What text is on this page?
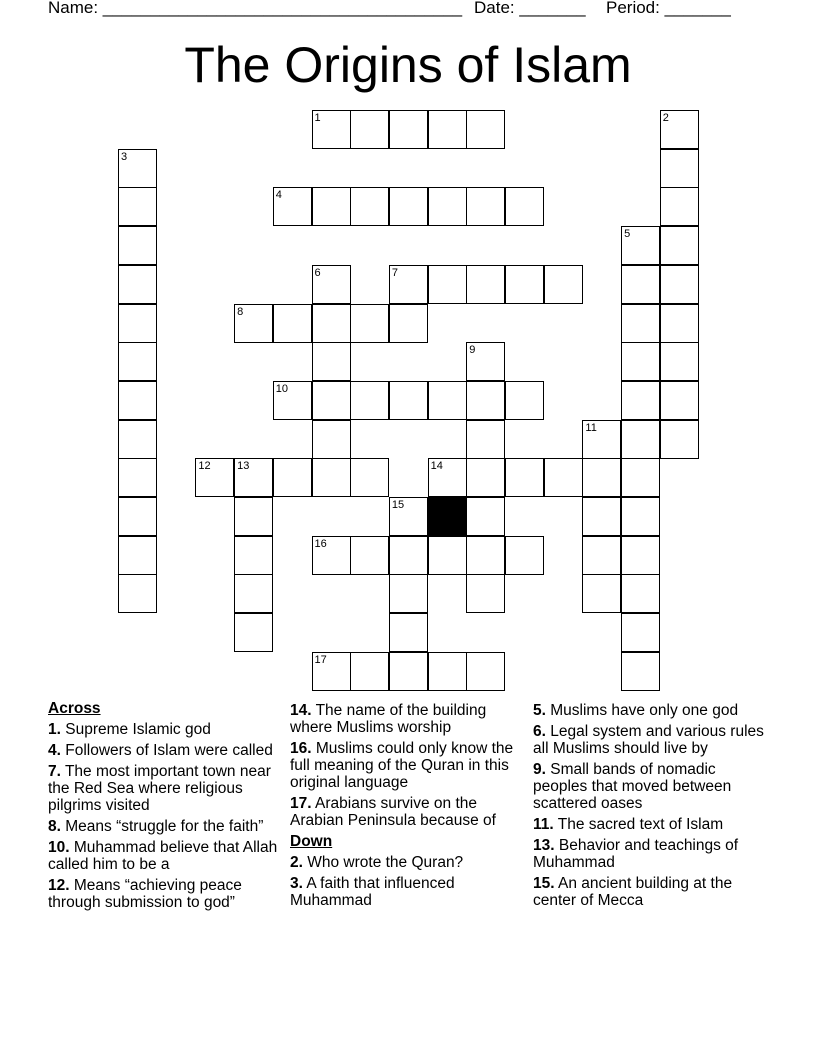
Name: ______________________________________

Date: _______

Period: _______

The Origins of Islam
1	2
3
4
5
6	7
8
9
10
11
12 13	14
15
16
17
Across
1. Supreme Islamic god
4. Followers of Islam were called
7. The most important town near the Red Sea where religious pilgrims visited
8. Means “struggle for the faith”
10. Muhammad believe that Allah called him to be a
12. Means “achieving peace through submission to god”
14. The name of the building where Muslims worship
16. Muslims could only know the full meaning of the Quran in this original language
17. Arabians survive on the Arabian Peninsula because of
Down
2. Who wrote the Quran?
3. A faith that influenced Muhammad
5. Muslims have only one god
6. Legal system and various rules all Muslims should live by
9. Small bands of nomadic peoples that moved between scattered oases
11. The sacred text of Islam
13. Behavior and teachings of Muhammad
15. An ancient building at the center of Mecca
